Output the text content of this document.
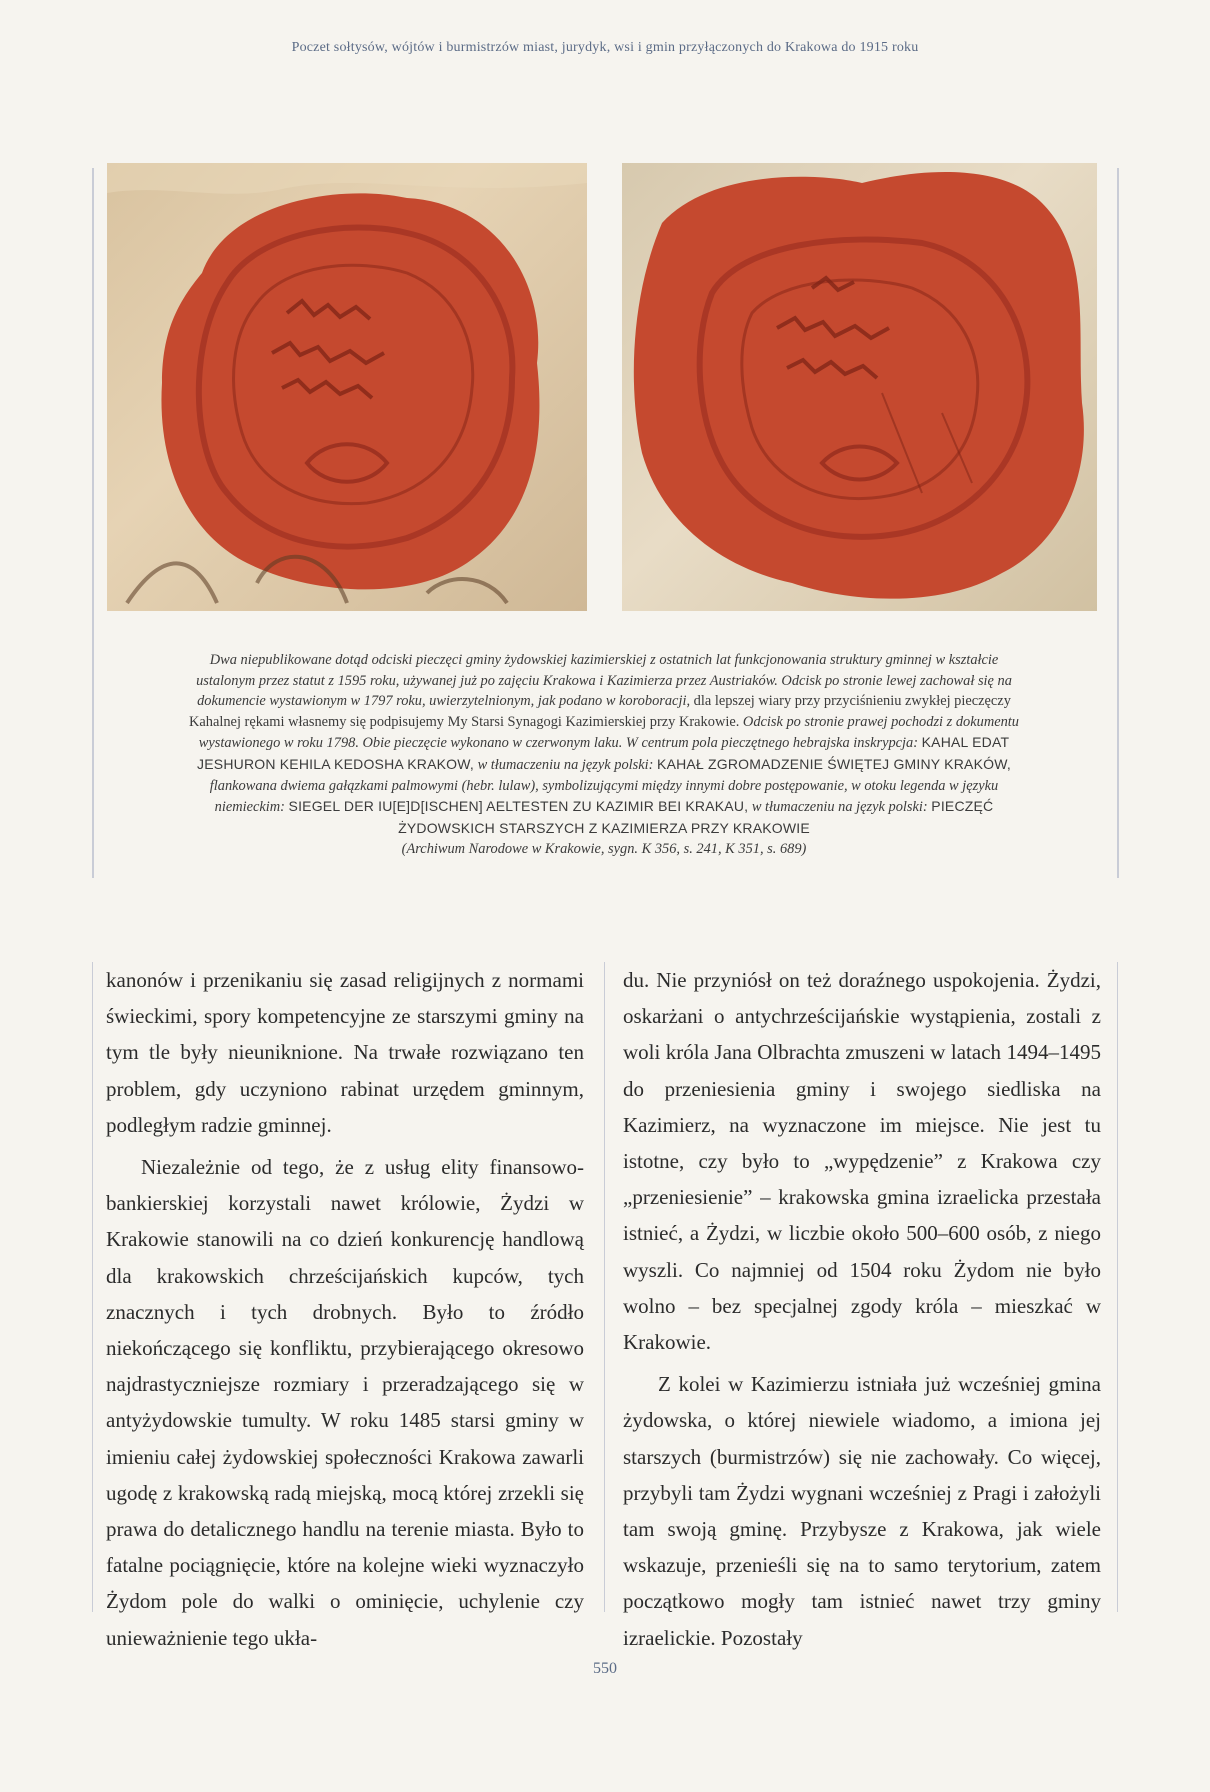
Poczet sołtysów, wójtów i burmistrzów miast, jurydyk, wsi i gmin przyłączonych do Krakowa do 1915 roku
Dwa niepublikowane dotąd odciski pieczęci gminy żydowskiej kazimierskiej z ostatnich lat funkcjonowania struktury gminnej w kształcie ustalonym przez statut z 1595 roku, używanej już po zajęciu Krakowa i Kazimierza przez Austriaków. Odcisk po stronie lewej zachował się na dokumencie wystawionym w 1797 roku, uwierzytelnionym, jak podano w koroboracji, dla lepszej wiary przy przyciśnieniu zwykłej pieczęczy Kahalnej rękami własnemy się podpisujemy My Starsi Synagogi Kazimierskiej przy Krakowie. Odcisk po stronie prawej pochodzi z dokumentu wystawionego w roku 1798. Obie pieczęcie wykonano w czerwonym laku. W centrum pola pieczętnego hebrajska inskrypcja: KAHAL EDAT JESHURON KEHILA KEDOSHA KRAKOW, w tłumaczeniu na język polski: KAHAŁ ZGROMADZENIE ŚWIĘTEJ GMINY KRAKÓW, flankowana dwiema gałązkami palmowymi (hebr. lulaw), symbolizującymi między innymi dobre postępowanie, w otoku legenda w języku niemieckim: SIEGEL DER IU[E]D[ISCHEN] AELTESTEN ZU KAZIMIR BEI KRAKAU, w tłumaczeniu na język polski: PIECZĘĆ ŻYDOWSKICH STARSZYCH Z KAZIMIERZA PRZY KRAKOWIE
(Archiwum Narodowe w Krakowie, sygn. K 356, s. 241, K 351, s. 689)

kanonów i przenikaniu się zasad religijnych z normami świeckimi, spory kompetencyjne ze starszymi gminy na tym tle były nieuniknione. Na trwałe rozwiązano ten problem, gdy uczyniono rabinat urzędem gminnym, podległym radzie gminnej.

Niezależnie od tego, że z usług elity finansowo-bankierskiej korzystali nawet królowie, Żydzi w Krakowie stanowili na co dzień konkurencję handlową dla krakowskich chrześcijańskich kupców, tych znacznych i tych drobnych. Było to źródło niekończącego się konfliktu, przybierającego okresowo najdrastyczniejsze rozmiary i przeradzającego się w antyżydowskie tumulty. W roku 1485 starsi gminy w imieniu całej żydowskiej społeczności Krakowa zawarli ugodę z krakowską radą miejską, mocą której zrzekli się prawa do detalicznego handlu na terenie miasta. Było to fatalne pociągnięcie, które na kolejne wieki wyznaczyło Żydom pole do walki o ominięcie, uchylenie czy unieważnienie tego ukła-

du. Nie przyniósł on też doraźnego uspokojenia. Żydzi, oskarżani o antychrześcijańskie wystąpienia, zostali z woli króla Jana Olbrachta zmuszeni w latach 1494–1495 do przeniesienia gminy i swojego siedliska na Kazimierz, na wyznaczone im miejsce. Nie jest tu istotne, czy było to „wypędzenie” z Krakowa czy „przeniesienie” – krakowska gmina izraelicka przestała istnieć, a Żydzi, w liczbie około 500–600 osób, z niego wyszli. Co najmniej od 1504 roku Żydom nie było wolno – bez specjalnej zgody króla – mieszkać w Krakowie.

Z kolei w Kazimierzu istniała już wcześniej gmina żydowska, o której niewiele wiadomo, a imiona jej starszych (burmistrzów) się nie zachowały. Co więcej, przybyli tam Żydzi wygnani wcześniej z Pragi i założyli tam swoją gminę. Przybysze z Krakowa, jak wiele wskazuje, przenieśli się na to samo terytorium, zatem początkowo mogły tam istnieć nawet trzy gminy izraelickie. Pozostały

550
